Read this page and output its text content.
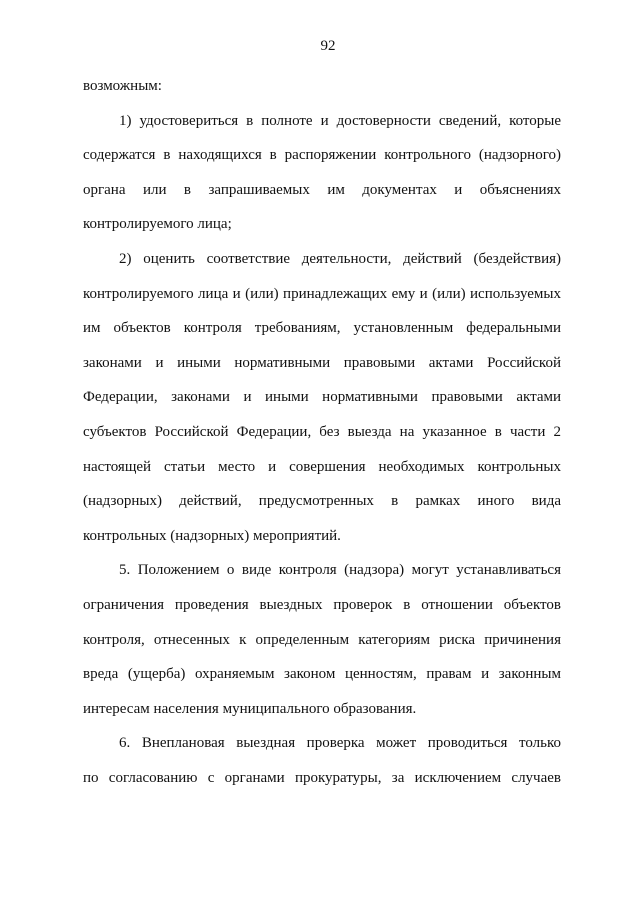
92
возможным:
1) удостовериться в полноте и достоверности сведений, которые
содержатся в находящихся в распоряжении контрольного (надзорного)
органа или в запрашиваемых им документах и объяснениях
контролируемого лица;
2) оценить соответствие деятельности, действий (бездействия)
контролируемого лица и (или) принадлежащих ему и (или) используемых
им объектов контроля требованиям, установленным федеральными
законами и иными нормативными правовыми актами Российской
Федерации, законами и иными нормативными правовыми актами
субъектов Российской Федерации, без выезда на указанное в части 2
настоящей статьи место и совершения необходимых контрольных
(надзорных) действий, предусмотренных в рамках иного вида
контрольных (надзорных) мероприятий.
5. Положением о виде контроля (надзора) могут устанавливаться
ограничения проведения выездных проверок в отношении объектов
контроля, отнесенных к определенным категориям риска причинения
вреда (ущерба) охраняемым законом ценностям, правам и законным
интересам населения муниципального образования.
6. Внеплановая выездная проверка может проводиться только
по согласованию с органами прокуратуры, за исключением случаев
